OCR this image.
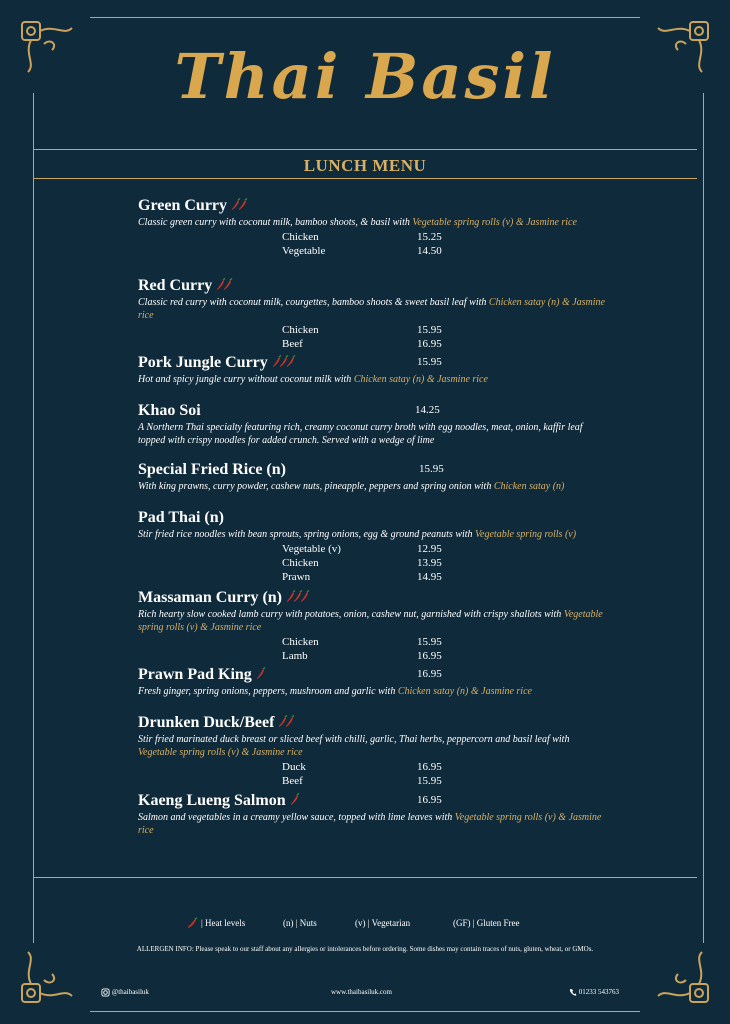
Thai Basil
LUNCH MENU
Green Curry
Classic green curry with coconut milk, bamboo shoots, & basil with Vegetable spring rolls (v) & Jasmine rice
Chicken	15.25
Vegetable	14.50
Red Curry
Classic red curry with coconut milk, courgettes, bamboo shoots & sweet basil leaf with Chicken satay (n) & Jasmine rice
Chicken	15.95
Beef	16.95
Pork Jungle Curry	15.95
Hot and spicy jungle curry without coconut milk with Chicken satay (n) & Jasmine rice
Khao Soi	14.25
A Northern Thai specialty featuring rich, creamy coconut curry broth with egg noodles, meat, onion, kaffir leaf topped with crispy noodles for added crunch. Served with a wedge of lime
Special Fried Rice (n)	15.95
With king prawns, curry powder, cashew nuts, pineapple, peppers and spring onion with Chicken satay (n)
Pad Thai (n)
Stir fried rice noodles with bean sprouts, spring onions, egg & ground peanuts with Vegetable spring rolls (v)
Vegetable (v)	12.95
Chicken	13.95
Prawn	14.95
Massaman Curry (n)
Rich hearty slow cooked lamb curry with potatoes, onion, cashew nut, garnished with crispy shallots with Vegetable spring rolls (v) & Jasmine rice
Chicken	15.95
Lamb	16.95
Prawn Pad King	16.95
Fresh ginger, spring onions, peppers, mushroom and garlic with Chicken satay (n) & Jasmine rice
Drunken Duck/Beef
Stir fried marinated duck breast or sliced beef with chilli, garlic, Thai herbs, peppercorn and basil leaf with Vegetable spring rolls (v) & Jasmine rice
Duck	16.95
Beef	15.95
Kaeng Lueng Salmon	16.95
Salmon and vegetables in a creamy yellow sauce, topped with lime leaves with Vegetable spring rolls (v) & Jasmine rice
| Heat levels	(n) | Nuts	(v) | Vegetarian	(GF) | Gluten Free
ALLERGEN INFO: Please speak to our staff about any allergies or intolerances before ordering. Some dishes may contain traces of nuts, gluten, wheat, or GMOs.
@thaibasiluk	www.thaibasiluk.com	01233 543763
